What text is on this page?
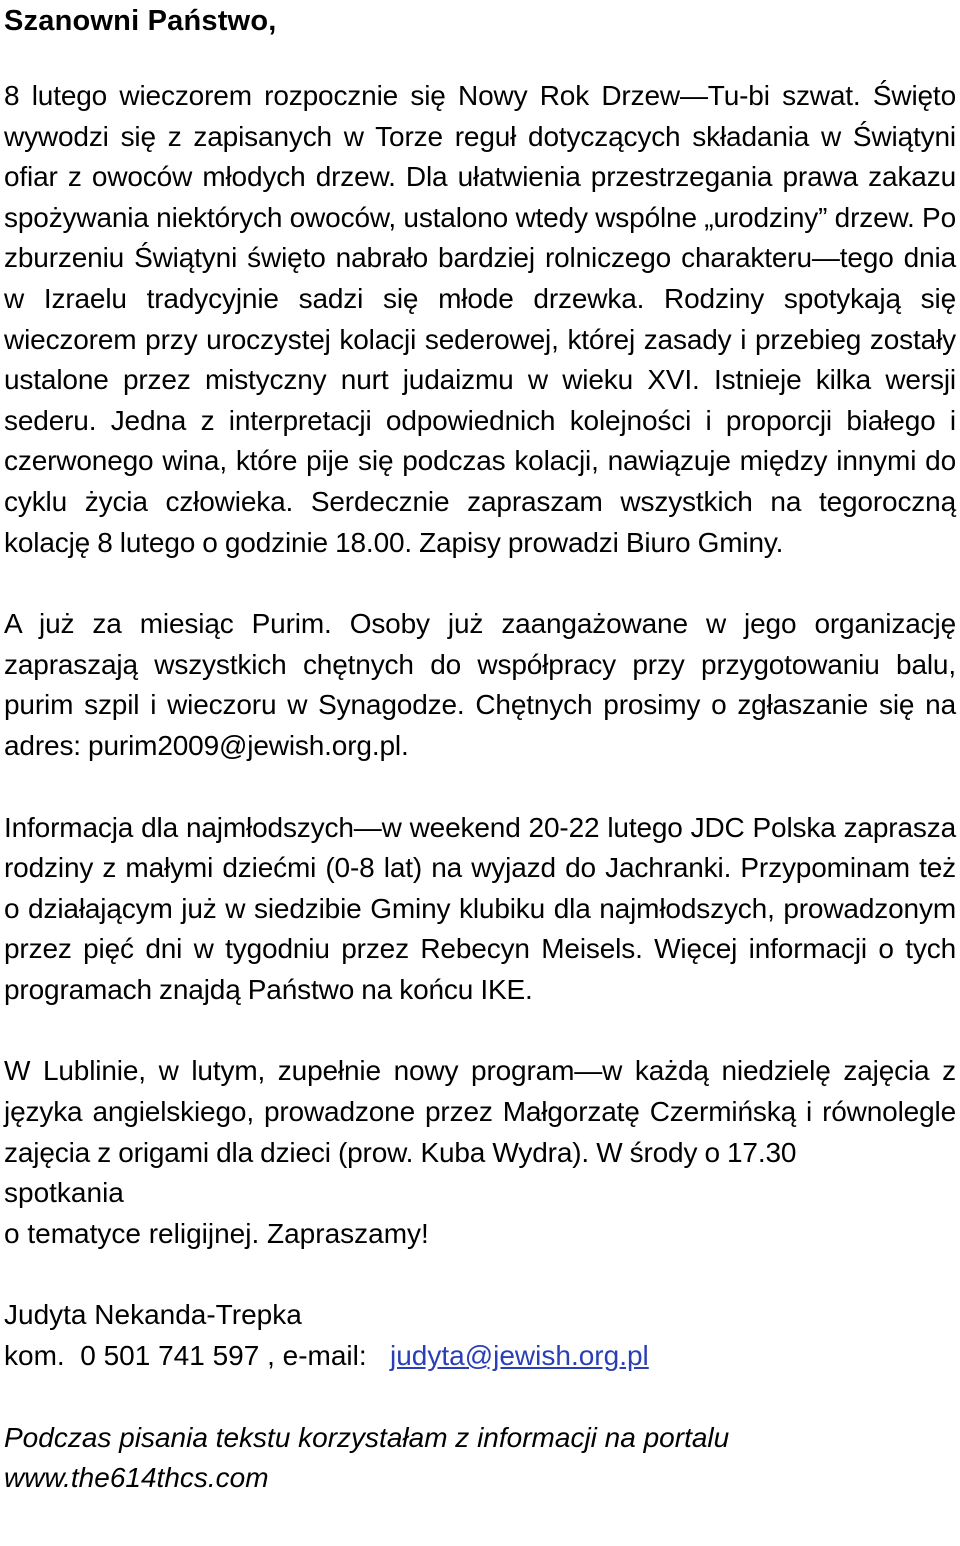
Szanowni Państwo,

8 lutego wieczorem rozpocznie się Nowy Rok Drzew—Tu-bi szwat. Święto wywodzi się z zapisanych w Torze reguł dotyczących składania w Świątyni ofiar z owoców młodych drzew. Dla ułatwienia przestrzegania prawa zakazu spożywania niektórych owoców, ustalono wtedy wspólne „urodziny” drzew. Po zburzeniu Świątyni święto nabrało bardziej rolniczego charakteru—tego dnia w Izraelu tradycyjnie sadzi się młode drzewka. Rodziny spotykają się wieczorem przy uroczystej kolacji sederowej, której zasady i przebieg zostały ustalone przez mistyczny nurt judaizmu w wieku XVI. Istnieje kilka wersji sederu. Jedna z interpretacji odpowiednich kolejności i proporcji białego i czerwonego wina, które pije się podczas kolacji, nawiązuje między innymi do cyklu życia człowieka. Serdecznie zapraszam wszystkich na tegoroczną kolację 8 lutego o godzinie 18.00. Zapisy prowadzi Biuro Gminy.

A już za miesiąc Purim. Osoby już zaangażowane w jego organizację zapraszają wszystkich chętnych do współpracy przy przygotowaniu balu, purim szpil i wieczoru w Synagodze. Chętnych prosimy o zgłaszanie się na adres: purim2009@jewish.org.pl.

Informacja dla najmłodszych—w weekend 20-22 lutego JDC Polska zaprasza rodziny z małymi dziećmi (0-8 lat) na wyjazd do Jachranki. Przypominam też o działającym już w siedzibie Gminy klubiku dla najmłodszych, prowadzonym przez pięć dni w tygodniu przez Rebecyn Meisels. Więcej informacji o tych programach znajdą Państwo na końcu IKE.

W Lublinie, w lutym, zupełnie nowy program—w każdą niedzielę zajęcia z języka angielskiego, prowadzone przez Małgorzatę Czermińską i równolegle zajęcia z origami dla dzieci (prow. Kuba Wydra). W środy o 17.30

spotkania

o tematyce religijnej. Zapraszamy!

Judyta Nekanda-Trepka

kom.  0 501 741 597 , e-mail: judyta@jewish.org.pl

Podczas pisania tekstu korzystałam z informacji na portalu

www.the614thcs.com
